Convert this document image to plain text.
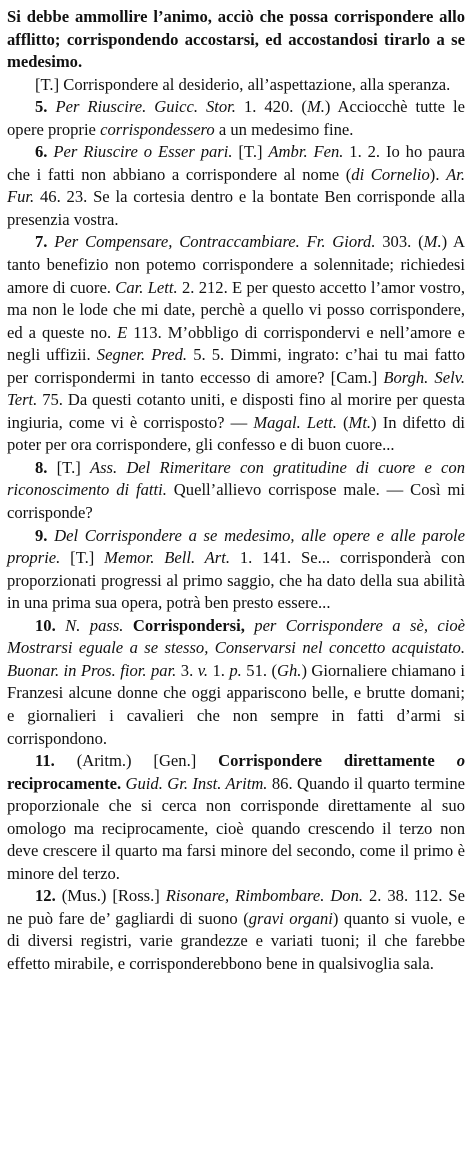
Si debbe ammollire l’animo, acciò che possa corrispondere allo afflitto; corrispondendo accostarsi, ed accostandosi tirarlo a se medesimo.

[T.] Corrispondere al desiderio, all’aspettazione, alla speranza.

5. Per Riuscire. Guicc. Stor. 1. 420. (M.) Acciocchè tutte le opere proprie corrispondessero a un medesimo fine.

6. Per Riuscire o Esser pari. [T.] Ambr. Fen. 1. 2. Io ho paura che i fatti non abbiano a corrispondere al nome (di Cornelio). Ar. Fur. 46. 23. Se la cortesia dentro e la bontate Ben corrisponde alla presenzia vostra.

7. Per Compensare, Contraccambiare. Fr. Giord. 303. (M.) A tanto benefizio non potemo corrispondere a solennitade; richiedesi amore di cuore. Car. Lett. 2. 212. E per questo accetto l’amor vostro, ma non le lode che mi date, perchè a quello vi posso corrispondere, ed a queste no. E 113. M’obbligo di corrispondervi e nell’amore e negli uffizii. Segner. Pred. 5. 5. Dimmi, ingrato: c’hai tu mai fatto per corrispondermi in tanto eccesso di amore? [Cam.] Borgh. Selv. Tert. 75. Da questi cotanto uniti, e disposti fino al morire per questa ingiuria, come vi è corrisposto? — Magal. Lett. (Mt.) In difetto di poter per ora corrispondere, gli confesso e di buon cuore...

8. [T.] Ass. Del Rimeritare con gratitudine di cuore e con riconoscimento di fatti. Quell’allievo corrispose male. — Così mi corrisponde?

9. Del Corrispondere a se medesimo, alle opere e alle parole proprie. [T.] Memor. Bell. Art. 1. 141. Se... corrisponderà con proporzionati progressi al primo saggio, che ha dato della sua abilità in una prima sua opera, potrà ben presto essere...

10. N. pass. Corrispondersi, per Corrispondere a sè, cioè Mostrarsi eguale a se stesso, Conservarsi nel concetto acquistato. Buonar. in Pros. fior. par. 3. v. 1. p. 51. (Gh.) Giornaliere chiamano i Franzesi alcune donne che oggi appariscono belle, e brutte domani; e giornalieri i cavalieri che non sempre in fatti d’armi si corrispondono.

11. (Aritm.) [Gen.] Corrispondere direttamente o reciprocamente. Guid. Gr. Inst. Aritm. 86. Quando il quarto termine proporzionale che si cerca non corrisponde direttamente al suo omologo ma reciprocamente, cioè quando crescendo il terzo non deve crescere il quarto ma farsi minore del secondo, come il primo è minore del terzo.

12. (Mus.) [Ross.] Risonare, Rimbombare. Don. 2. 38. 112. Se ne può fare de’ gagliardi di suono (gravi organi) quanto si vuole, e di diversi registri, varie grandezze e variati tuoni; il che farebbe effetto mirabile, e corrisponderebbono bene in qualsivoglia sala.
